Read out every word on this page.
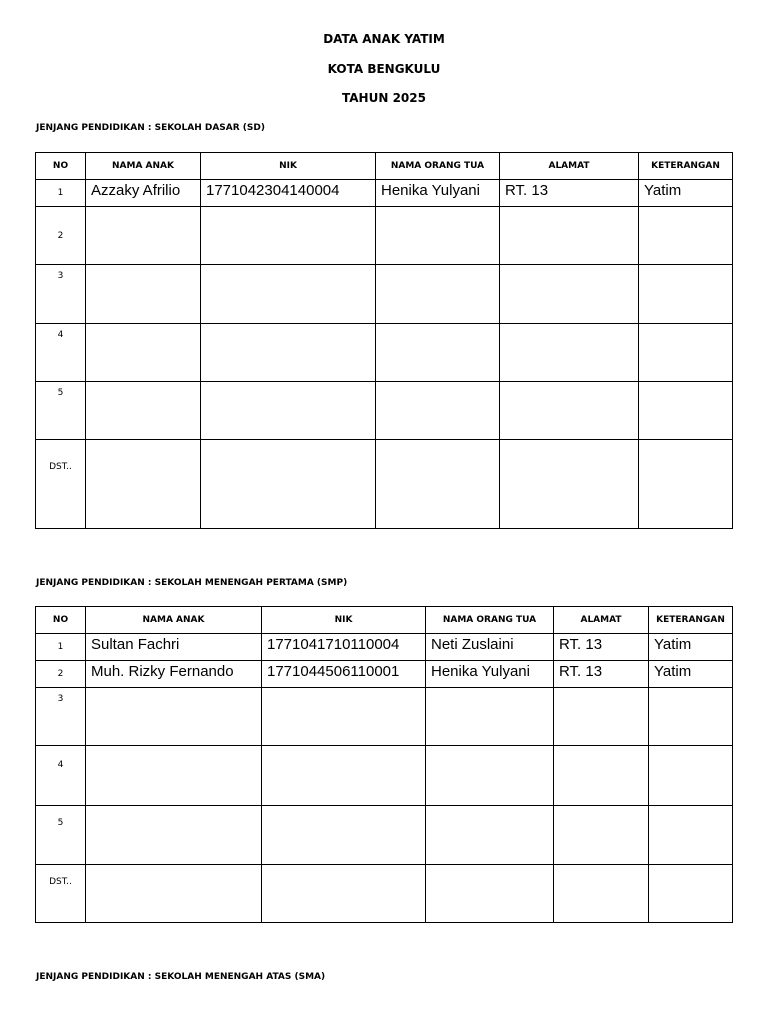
DATA ANAK YATIM
KOTA BENGKULU
TAHUN 2025
JENJANG PENDIDIKAN : SEKOLAH DASAR (SD)
NO	NAMA ANAK	NIK	NAMA ORANG TUA	ALAMAT	KETERANGAN
1	Azzaky Afrilio	1771042304140004	Henika Yulyani	RT. 13	Yatim
2					
3					
4					
5					
DST..					
JENJANG PENDIDIKAN : SEKOLAH MENENGAH PERTAMA (SMP)
NO	NAMA ANAK	NIK	NAMA ORANG TUA	ALAMAT	KETERANGAN
1	Sultan Fachri	1771041710110004	Neti Zuslaini	RT. 13	Yatim
2	Muh. Rizky Fernando	1771044506110001	Henika Yulyani	RT. 13	Yatim
3					
4					
5					
DST..					
JENJANG PENDIDIKAN : SEKOLAH MENENGAH ATAS (SMA)
